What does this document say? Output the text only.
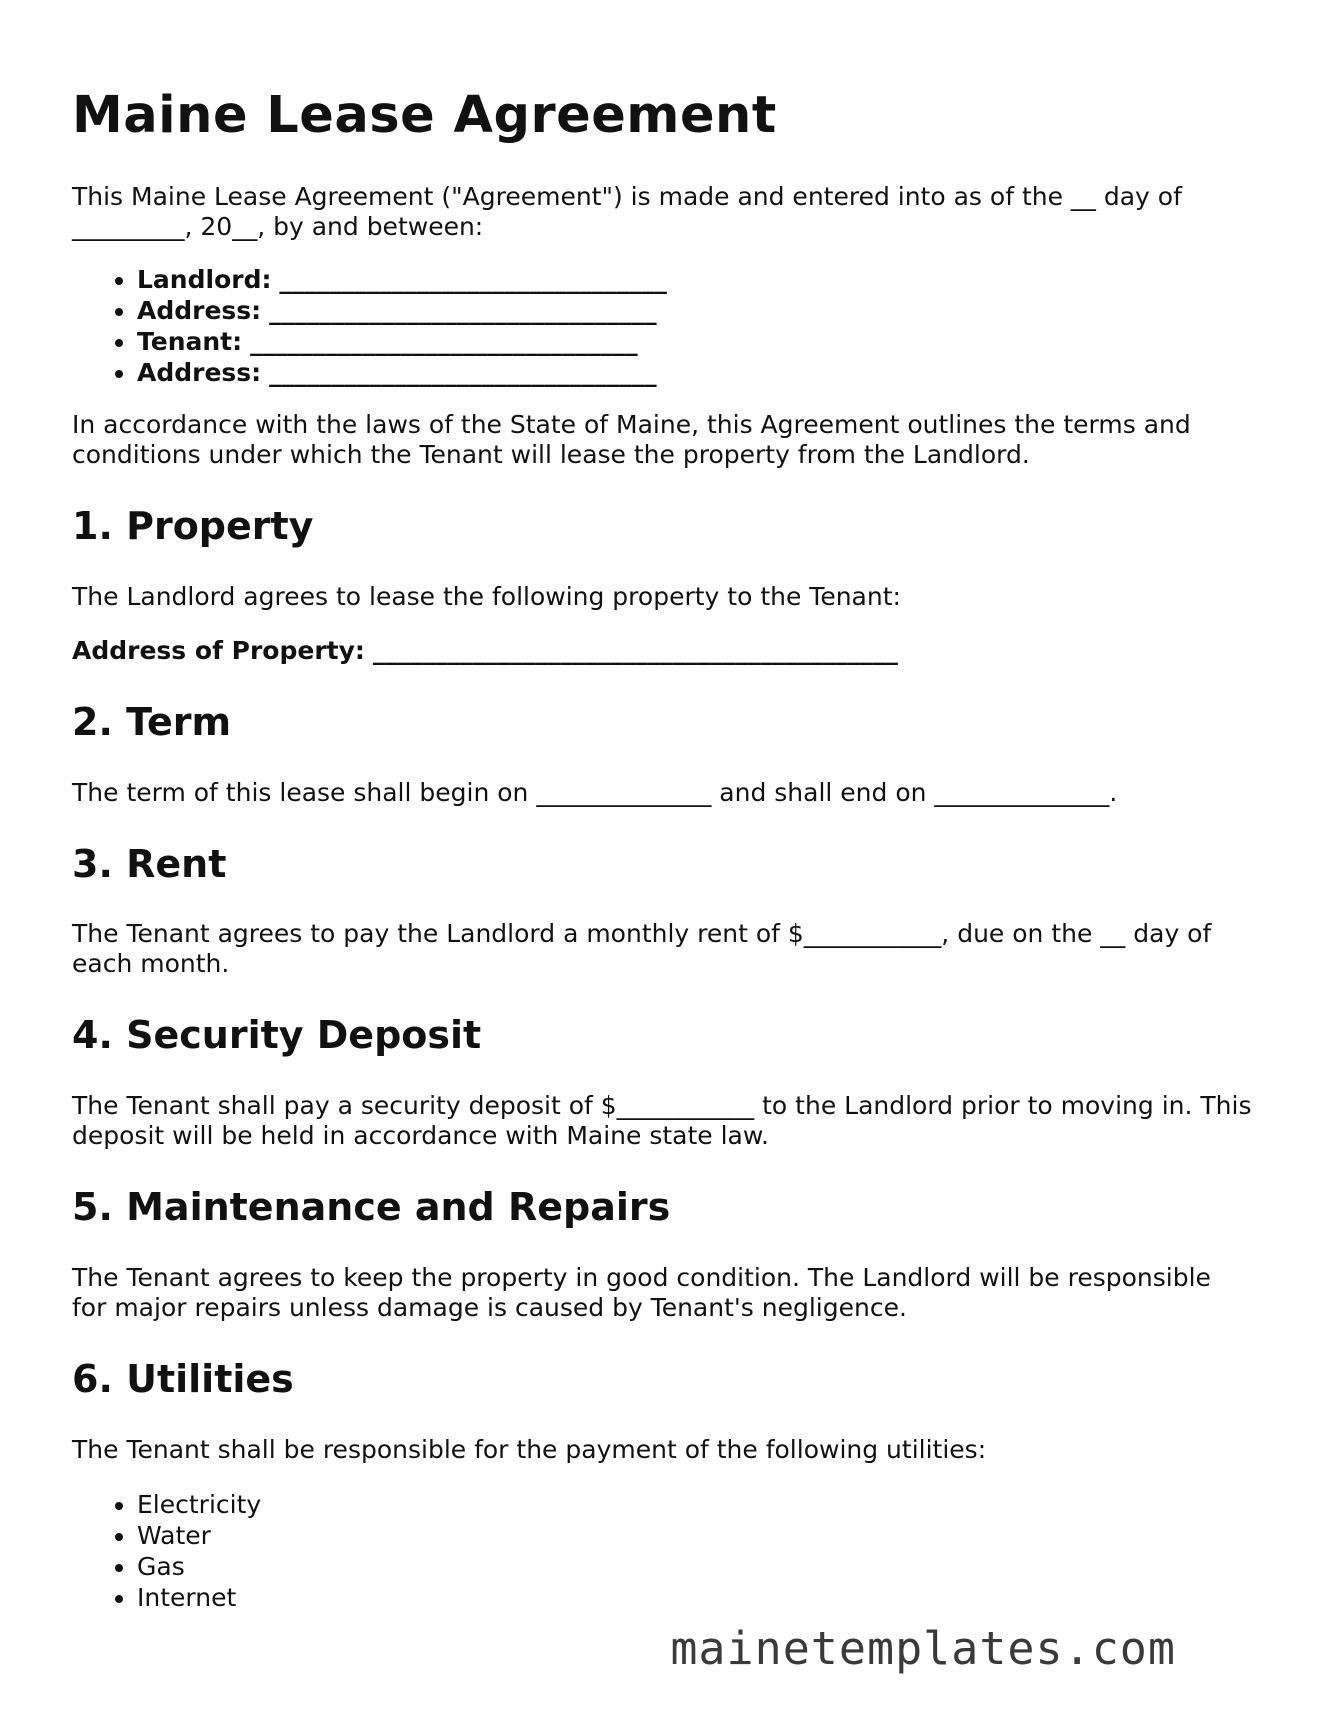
Maine Lease Agreement

This Maine Lease Agreement ("Agreement") is made and entered into as of the __ day of _________, 20__, by and between:

• Landlord: _______________________________
• Address: _______________________________
• Tenant: _______________________________
• Address: _______________________________

In accordance with the laws of the State of Maine, this Agreement outlines the terms and conditions under which the Tenant will lease the property from the Landlord.

1. Property

The Landlord agrees to lease the following property to the Tenant:

Address of Property: __________________________________________
2. Term

The term of this lease shall begin on ______________ and shall end on ______________.

3. Rent

The Tenant agrees to pay the Landlord a monthly rent of $___________, due on the __ day of each month.

4. Security Deposit

The Tenant shall pay a security deposit of $___________ to the Landlord prior to moving in. This deposit will be held in accordance with Maine state law.

5. Maintenance and Repairs

The Tenant agrees to keep the property in good condition. The Landlord will be responsible for major repairs unless damage is caused by Tenant's negligence.

6. Utilities

The Tenant shall be responsible for the payment of the following utilities:

• Electricity
• Water
• Gas
• Internet
mainetemplates.com
